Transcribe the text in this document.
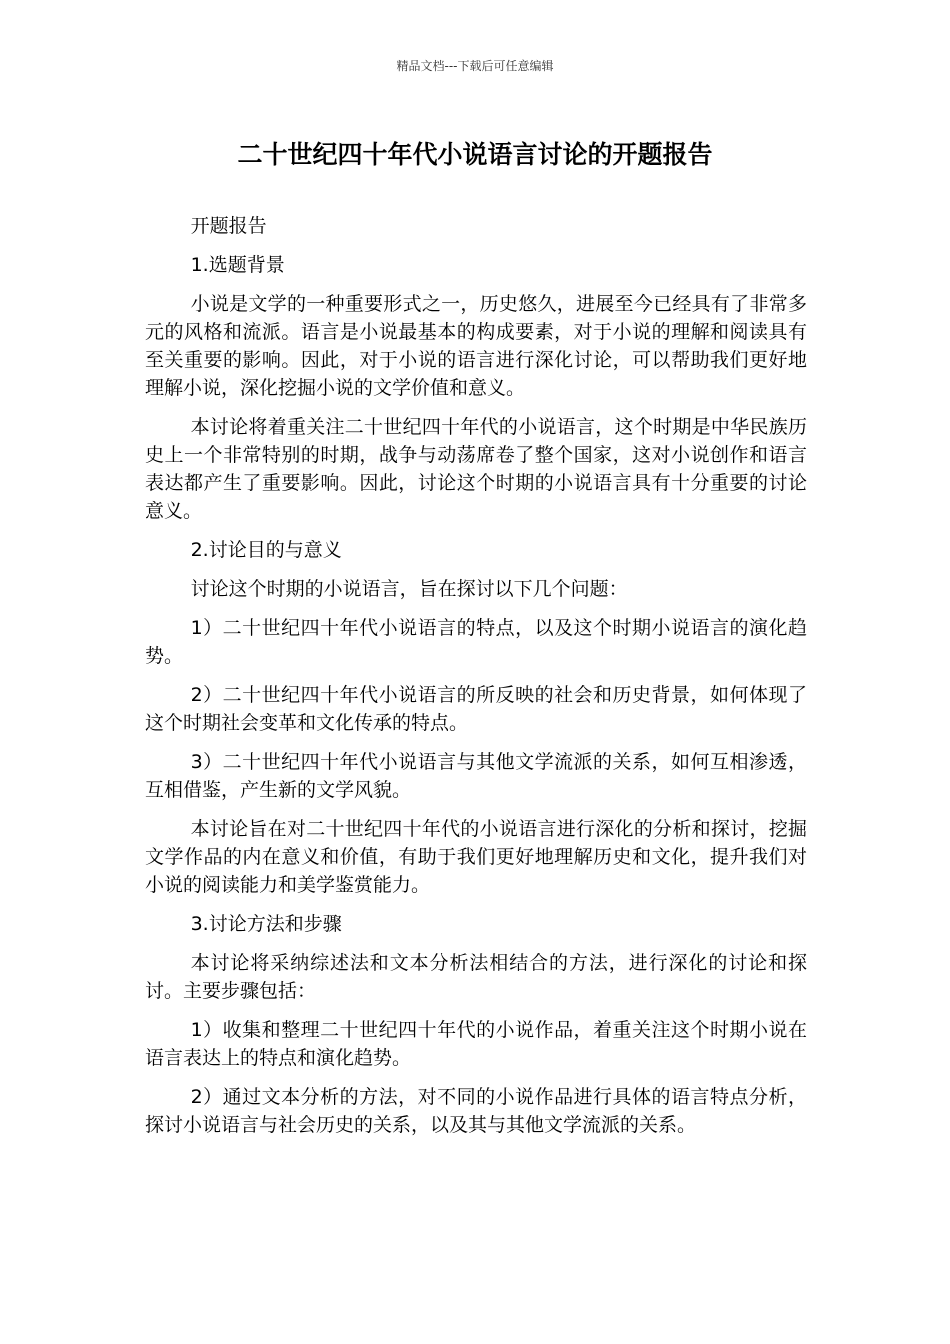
精品文档---下载后可任意编辑
二十世纪四十年代小说语言讨论的开题报告

开题报告

1.选题背景

小说是文学的一种重要形式之一，历史悠久，进展至今已经具有了非常多元的风格和流派。语言是小说最基本的构成要素，对于小说的理解和阅读具有至关重要的影响。因此，对于小说的语言进行深化讨论，可以帮助我们更好地理解小说，深化挖掘小说的文学价值和意义。

本讨论将着重关注二十世纪四十年代的小说语言，这个时期是中华民族历史上一个非常特别的时期，战争与动荡席卷了整个国家，这对小说创作和语言表达都产生了重要影响。因此，讨论这个时期的小说语言具有十分重要的讨论意义。

2.讨论目的与意义

讨论这个时期的小说语言，旨在探讨以下几个问题：

1）二十世纪四十年代小说语言的特点，以及这个时期小说语言的演化趋势。

2）二十世纪四十年代小说语言的所反映的社会和历史背景，如何体现了这个时期社会变革和文化传承的特点。

3）二十世纪四十年代小说语言与其他文学流派的关系，如何互相渗透，互相借鉴，产生新的文学风貌。

本讨论旨在对二十世纪四十年代的小说语言进行深化的分析和探讨，挖掘文学作品的内在意义和价值，有助于我们更好地理解历史和文化，提升我们对小说的阅读能力和美学鉴赏能力。

3.讨论方法和步骤

本讨论将采纳综述法和文本分析法相结合的方法，进行深化的讨论和探讨。主要步骤包括：

1）收集和整理二十世纪四十年代的小说作品，着重关注这个时期小说在语言表达上的特点和演化趋势。

2）通过文本分析的方法，对不同的小说作品进行具体的语言特点分析，探讨小说语言与社会历史的关系，以及其与其他文学流派的关系。
